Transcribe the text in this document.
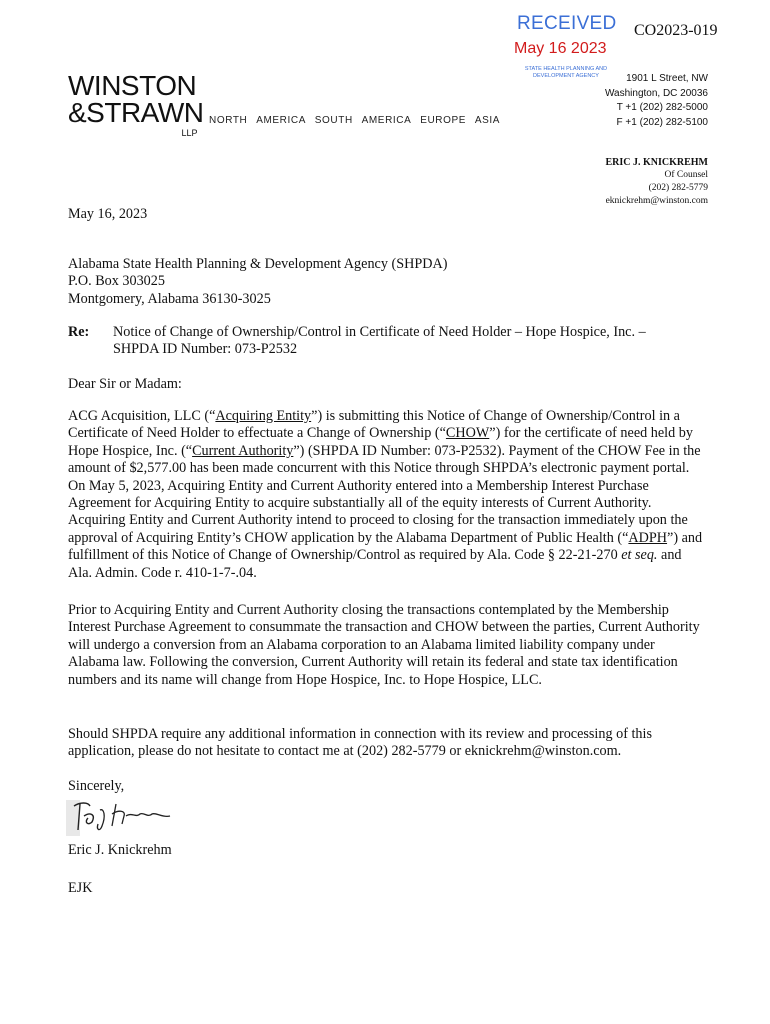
RECEIVED
May 16 2023
STATE HEALTH PLANNING AND
DEVELOPMENT AGENCY
CO2023-019
WINSTON
&STRAWN
LLP
NORTH AMERICA SOUTH AMERICA EUROPE ASIA
1901 L Street, NW
Washington, DC 20036
T +1 (202) 282-5000
F +1 (202) 282-5100
ERIC J. KNICKREHM
Of Counsel
(202) 282-5779
eknickrehm@winston.com
May 16, 2023
Alabama State Health Planning & Development Agency (SHPDA)
P.O. Box 303025
Montgomery, Alabama 36130-3025
Re: Notice of Change of Ownership/Control in Certificate of Need Holder – Hope Hospice, Inc. –
SHPDA ID Number: 073-P2532
Dear Sir or Madam:
ACG Acquisition, LLC (“Acquiring Entity”) is submitting this Notice of Change of Ownership/Control in a Certificate of Need Holder to effectuate a Change of Ownership (“CHOW”) for the certificate of need held by Hope Hospice, Inc. (“Current Authority”) (SHPDA ID Number: 073-P2532). Payment of the CHOW Fee in the amount of $2,577.00 has been made concurrent with this Notice through SHPDA’s electronic payment portal. On May 5, 2023, Acquiring Entity and Current Authority entered into a Membership Interest Purchase Agreement for Acquiring Entity to acquire substantially all of the equity interests of Current Authority. Acquiring Entity and Current Authority intend to proceed to closing for the transaction immediately upon the approval of Acquiring Entity’s CHOW application by the Alabama Department of Public Health (“ADPH”) and fulfillment of this Notice of Change of Ownership/Control as required by Ala. Code § 22-21-270 et seq. and Ala. Admin. Code r. 410-1-7-.04.
Prior to Acquiring Entity and Current Authority closing the transactions contemplated by the Membership Interest Purchase Agreement to consummate the transaction and CHOW between the parties, Current Authority will undergo a conversion from an Alabama corporation to an Alabama limited liability company under Alabama law. Following the conversion, Current Authority will retain its federal and state tax identification numbers and its name will change from Hope Hospice, Inc. to Hope Hospice, LLC.
Should SHPDA require any additional information in connection with its review and processing of this application, please do not hesitate to contact me at (202) 282-5779 or eknickrehm@winston.com.
Sincerely,
Eric J. Knickrehm
EJK
